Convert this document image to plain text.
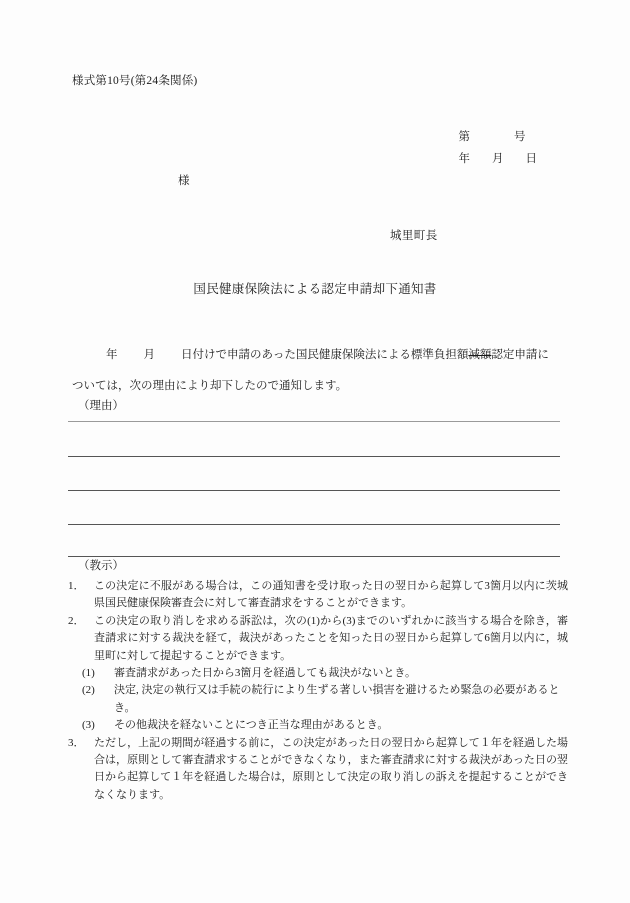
様式第10号(第24条関係)

第	号

年 月 日

様
城里町長
国民健康保険法による認定申請却下通知書
年 月 日付けで申請のあった国民健康保険法による標準負担額減額認定申請については，次の理由により却下したので通知します。
（理由）
（教示）
1． この決定に不服がある場合は，この通知書を受け取った日の翌日から起算して3箇月以内に茨城県国民健康保険審査会に対して審査請求をすることができます。
2． この決定の取り消しを求める訴訟は，次の(1)から(3)までのいずれかに該当する場合を除き，審査請求に対する裁決を経て，裁決があったことを知った日の翌日から起算して6箇月以内に，城里町に対して提起することができます。
(1) 審査請求があった日から3箇月を経過しても裁決がないとき。
(2) 決定, 決定の執行又は手続の続行により生ずる著しい損害を避けるため緊急の必要があるとき。
(3) その他裁決を経ないことにつき正当な理由があるとき。
3． ただし，上記の期間が経過する前に，この決定があった日の翌日から起算して１年を経過した場合は，原則として審査請求することができなくなり，また審査請求に対する裁決があった日の翌日から起算して１年を経過した場合は，原則として決定の取り消しの訴えを提起することができなくなります。
